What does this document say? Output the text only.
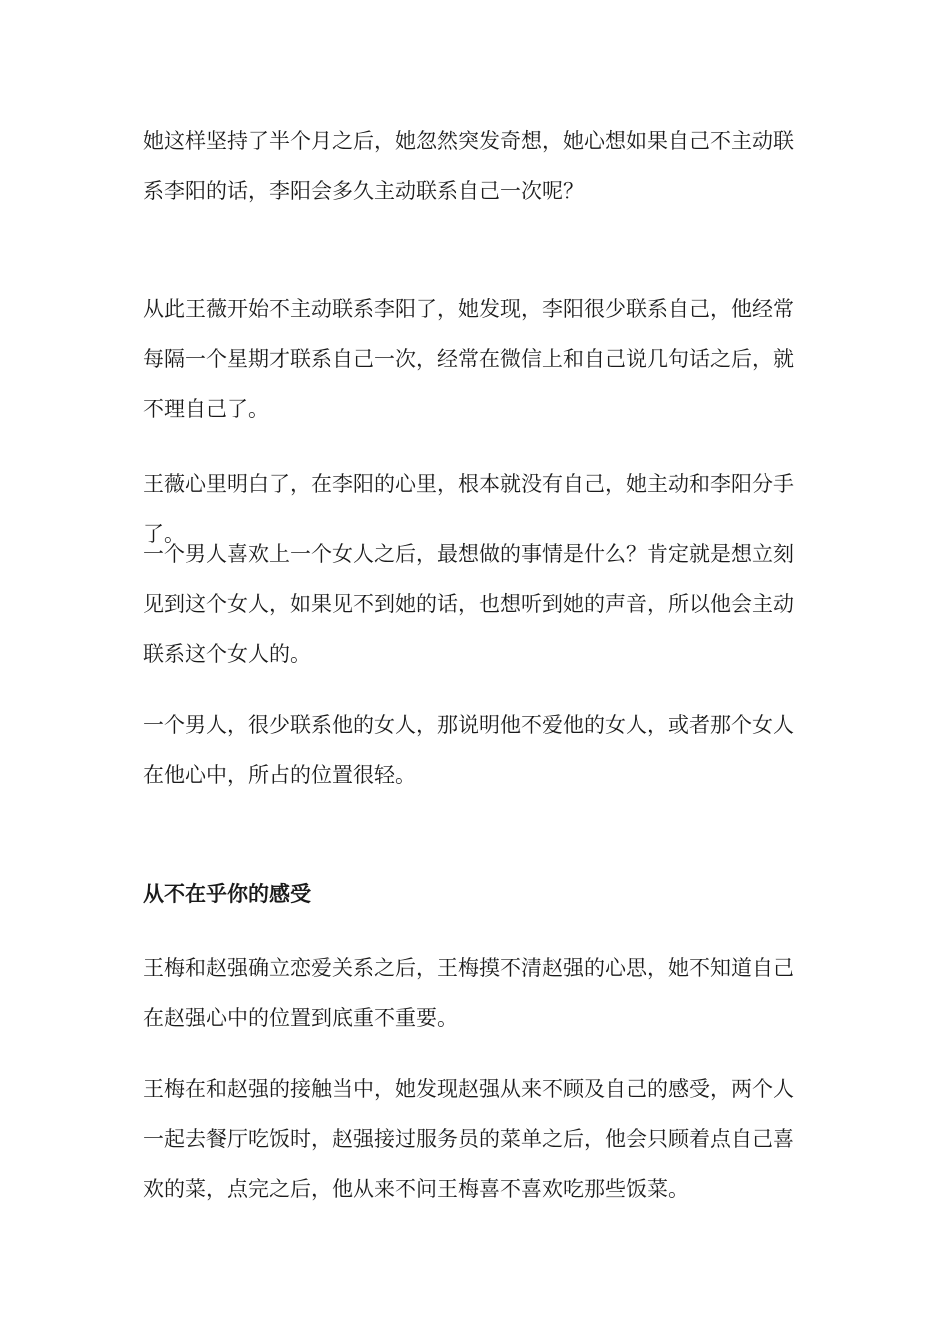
她这样坚持了半个月之后，她忽然突发奇想，她心想如果自己不主动联系李阳的话，李阳会多久主动联系自己一次呢？

从此王薇开始不主动联系李阳了，她发现，李阳很少联系自己，他经常每隔一个星期才联系自己一次，经常在微信上和自己说几句话之后，就不理自己了。

王薇心里明白了，在李阳的心里，根本就没有自己，她主动和李阳分手了。

一个男人喜欢上一个女人之后，最想做的事情是什么？肯定就是想立刻见到这个女人，如果见不到她的话，也想听到她的声音，所以他会主动联系这个女人的。

一个男人，很少联系他的女人，那说明他不爱他的女人，或者那个女人在他心中，所占的位置很轻。

从不在乎你的感受

王梅和赵强确立恋爱关系之后，王梅摸不清赵强的心思，她不知道自己在赵强心中的位置到底重不重要。

王梅在和赵强的接触当中，她发现赵强从来不顾及自己的感受，两个人一起去餐厅吃饭时，赵强接过服务员的菜单之后，他会只顾着点自己喜欢的菜，点完之后，他从来不问王梅喜不喜欢吃那些饭菜。
